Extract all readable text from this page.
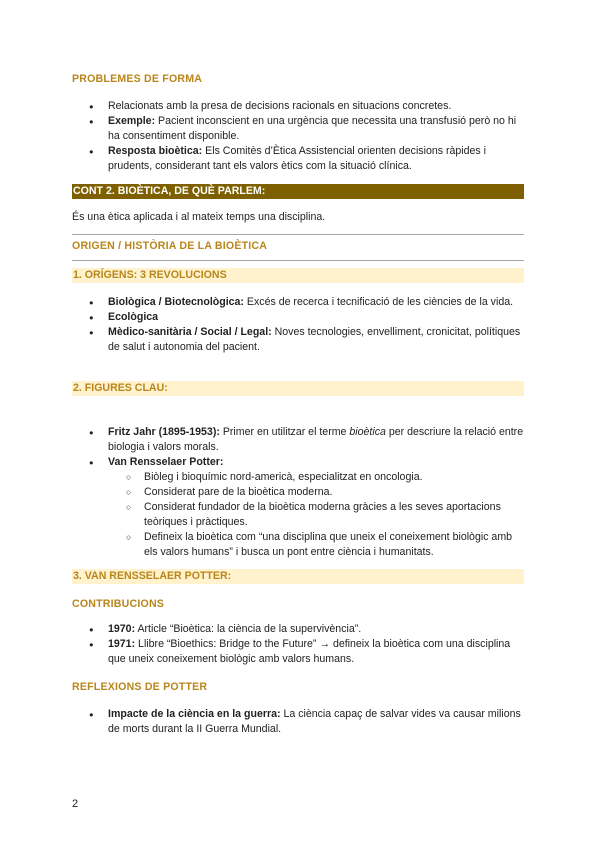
PROBLEMES DE FORMA
● Relacionats amb la presa de decisions racionals en situacions concretes.
● Exemple: Pacient inconscient en una urgència que necessita una transfusió però no hi ha consentiment disponible.
● Resposta bioètica: Els Comitès d’Ètica Assistencial orienten decisions ràpides i prudents, considerant tant els valors ètics com la situació clínica.
CONT 2. BIOÈTICA, DE QUÈ PARLEM:
És una ètica aplicada i al mateix temps una disciplina.
ORIGEN / HISTÒRIA DE LA BIOÈTICA
1. ORÍGENS: 3 REVOLUCIONS
● Biològica / Biotecnològica: Excés de recerca i tecnificació de les ciències de la vida.
● Ecològica
● Mèdico-sanitària / Social / Legal: Noves tecnologies, envelliment, cronicitat, polítiques de salut i autonomia del pacient.
2. FIGURES CLAU:
● Fritz Jahr (1895-1953): Primer en utilitzar el terme bioètica per descriure la relació entre biologia i valors morals.
● Van Rensselaer Potter:
○ Biòleg i bioquímic nord-americà, especialitzat en oncologia.
○ Considerat pare de la bioètica moderna.
○ Considerat fundador de la bioètica moderna gràcies a les seves aportacions teòriques i pràctiques.
○ Defineix la bioètica com “una disciplina que uneix el coneixement biològic amb els valors humans” i busca un pont entre ciència i humanitats.
3. VAN RENSSELAER POTTER:
CONTRIBUCIONS
● 1970: Article “Bioètica: la ciència de la supervivència”.
● 1971: Llibre “Bioethics: Bridge to the Future” → defineix la bioètica com una disciplina que uneix coneixement biològic amb valors humans.
REFLEXIONS DE POTTER
● Impacte de la ciència en la guerra: La ciència capaç de salvar vides va causar milions de morts durant la II Guerra Mundial.
2
